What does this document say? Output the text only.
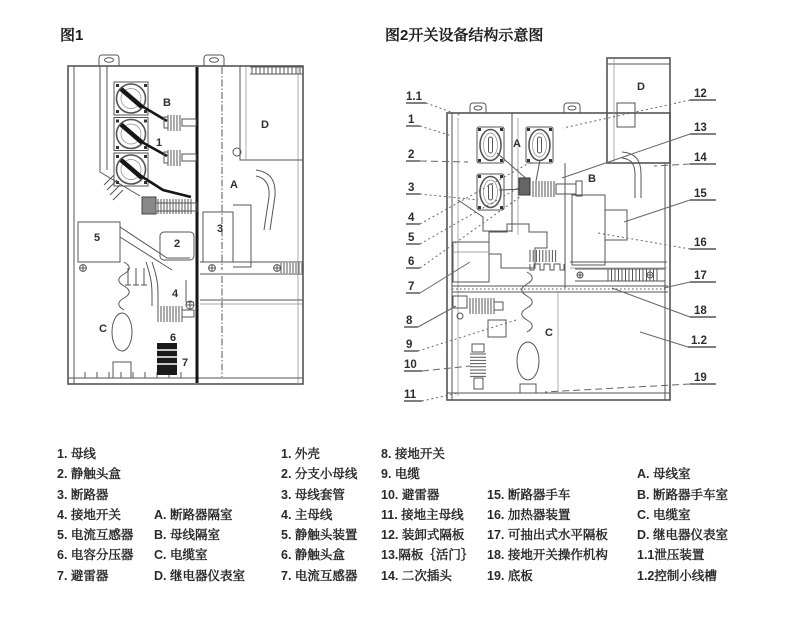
图1	图2开关设备结构示意图
B
1
D
A
3
5	2
4
C
6
7
1.1
1
2
3
4
5
6
7
8
9
10
11
12
13
14
15
16
17
18
1.2
19
A
B
C
D
1. 母线
2. 静触头盒
3. 断路器
4. 接地开关
5. 电流互感器
6. 电容分压器
7. 避雷器
A. 断路器隔室
B. 母线隔室
C. 电缆室
D. 继电器仪表室
1. 外壳
2. 分支小母线
3. 母线套管
4. 主母线
5. 静触头装置
6. 静触头盒
7. 电流互感器
8. 接地开关
9. 电缆
10. 避雷器
11. 接地主母线
12. 装卸式隔板
13.隔板｛活门｝
14. 二次插头
15. 断路器手车
16. 加热器装置
17. 可抽出式水平隔板
18. 接地开关操作机构
19. 底板
A. 母线室
B. 断路器手车室
C. 电缆室
D. 继电器仪表室
1.1泄压装置
1.2控制小线槽
